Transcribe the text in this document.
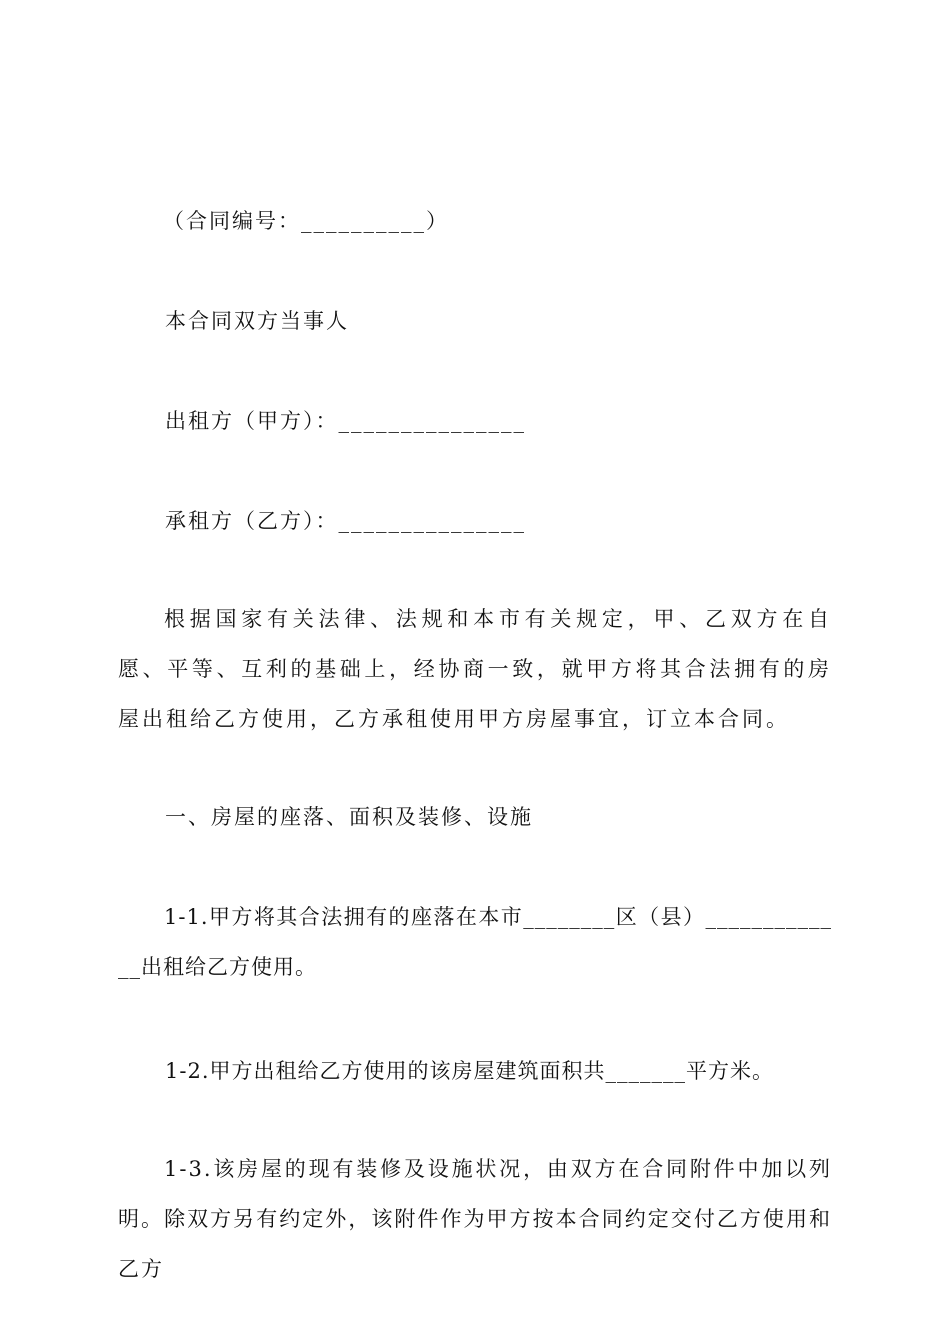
（合同编号：__________）
本合同双方当事人
出租方（甲方）：_______________
承租方（乙方）：_______________
根据国家有关法律、法规和本市有关规定，甲、乙双方在自愿、平等、互利的基础上，经协商一致，就甲方将其合法拥有的房屋出租给乙方使用，乙方承租使用甲方房屋事宜，订立本合同。
一、房屋的座落、面积及装修、设施
1-1.甲方将其合法拥有的座落在本市________区（县）___________ __出租给乙方使用。
1-2.甲方出租给乙方使用的该房屋建筑面积共_______平方米。
1-3.该房屋的现有装修及设施状况，由双方在合同附件中加以列明。除双方另有约定外，该附件作为甲方按本合同约定交付乙方使用和乙方
